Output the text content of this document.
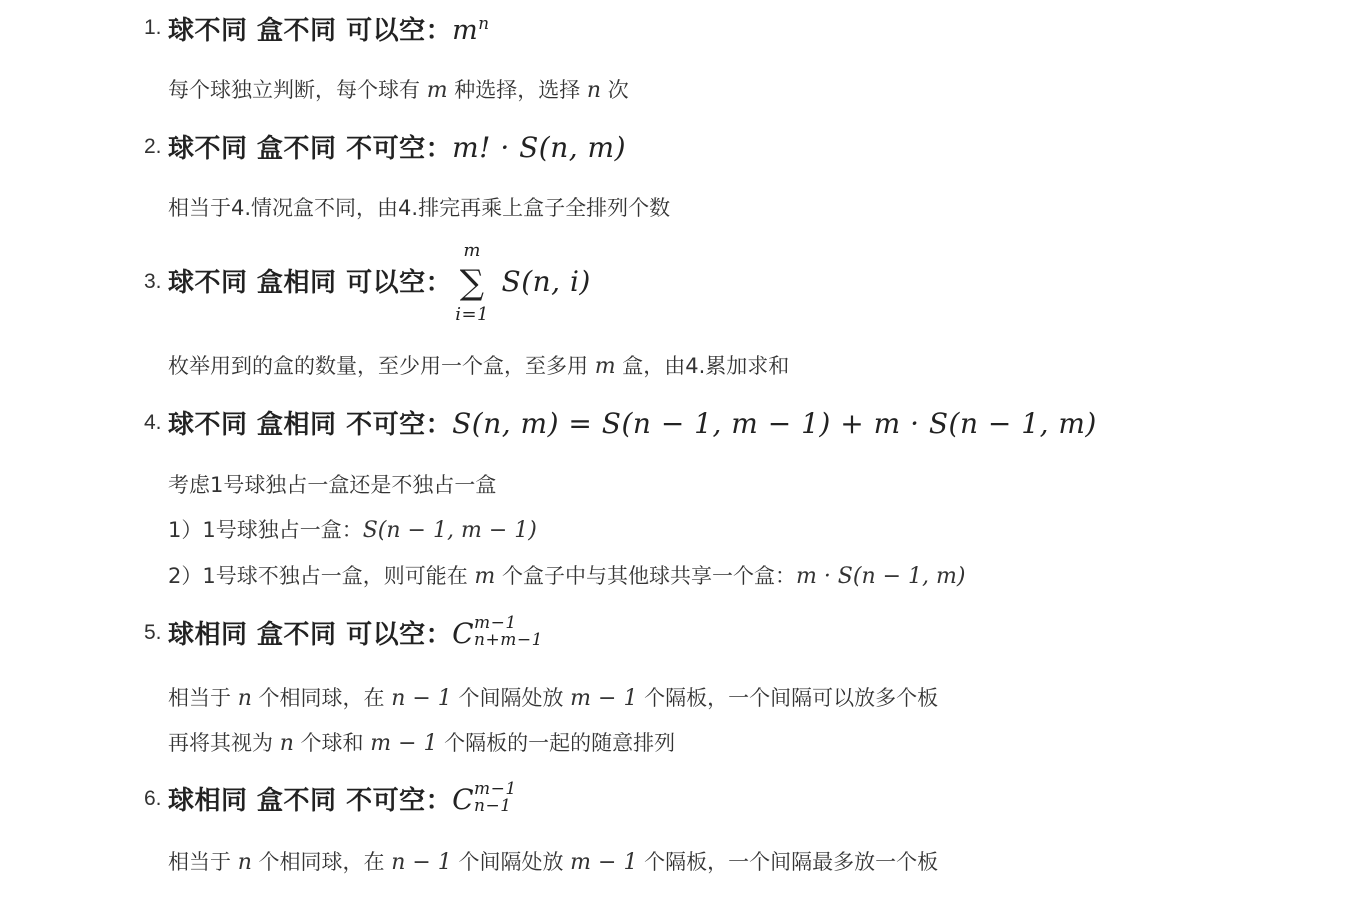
1. 球不同 盒不同 可以空：$m^n$
每个球独立判断，每个球有 m 种选择，选择 n 次
2. 球不同 盒不同 不可空：m! · S(n, m)
相当于4.情况盒不同，由4.排完再乘上盒子全排列个数
3. 球不同 盒相同 可以空：
m
∑
i=1
S(n, i)
枚举用到的盒的数量，至少用一个盒，至多用 m 盒，由4.累加求和
4. 球不同 盒相同 不可空：S(n, m) = S(n − 1, m − 1) + m · S(n − 1, m)
考虑1号球独占一盒还是不独占一盒
1）1号球独占一盒：S(n − 1, m − 1)
2）1号球不独占一盒，则可能在 m 个盒子中与其他球共享一个盒：m · S(n − 1, m)
5. 球相同 盒不同 可以空：C m−1
n+m−1
相当于 n 个相同球，在 n − 1 个间隔处放 m − 1 个隔板，一个间隔可以放多个板
再将其视为 n 个球和 m − 1 个隔板的一起的随意排列
6. 球相同 盒不同 不可空：C m−1
n−1
相当于 n 个相同球，在 n − 1 个间隔处放 m − 1 个隔板，一个间隔最多放一个板
